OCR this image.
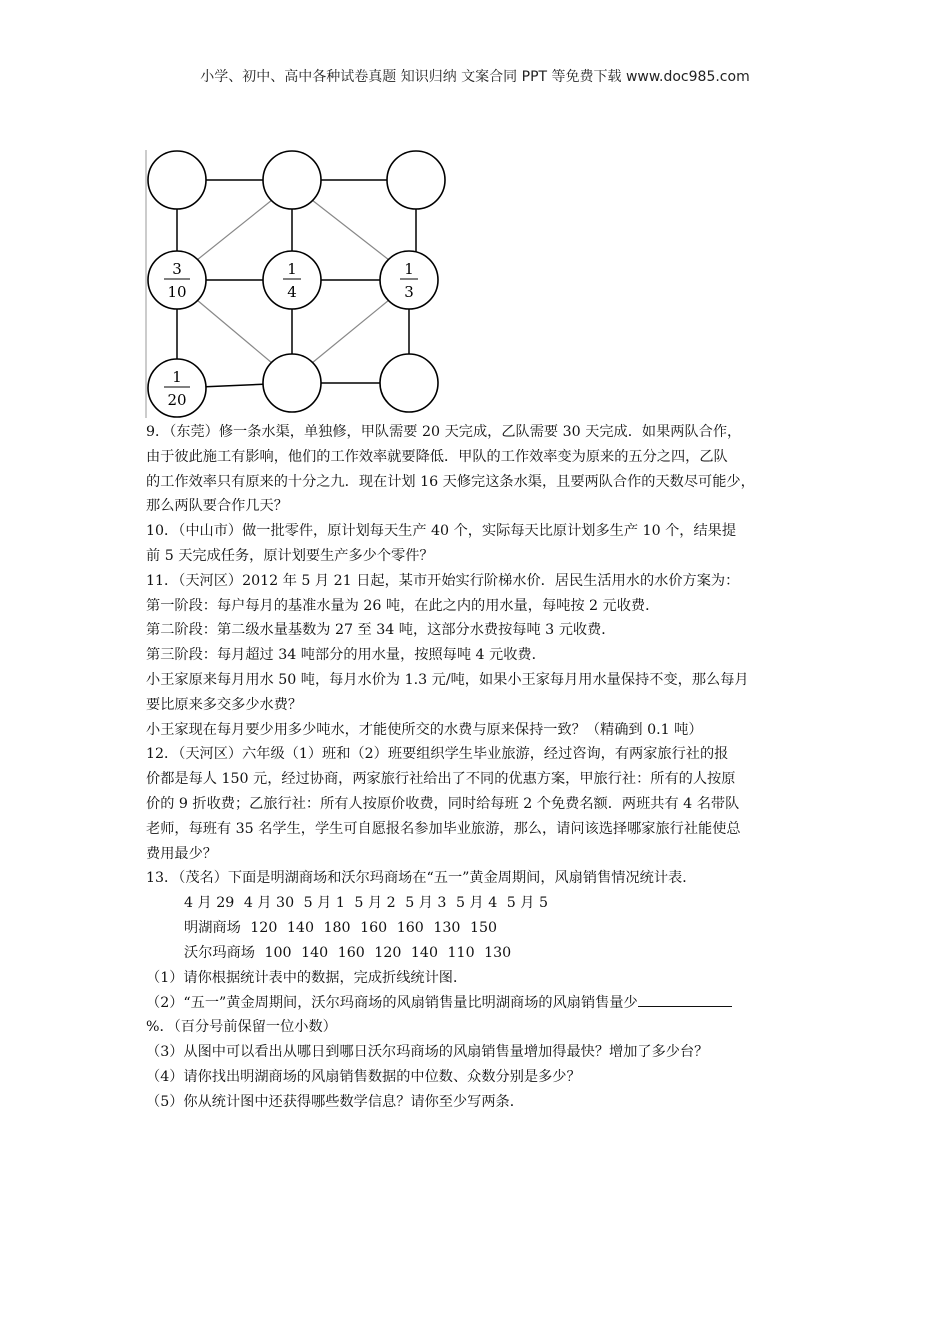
小学、初中、高中各种试卷真题 知识归纳 文案合同 PPT 等免费下载 www.doc985.com
3
10
1
4
1
3
1
20
9．（东莞）修一条水渠，单独修，甲队需要 20 天完成，乙队需要 30 天完成．如果两队合作，
由于彼此施工有影响，他们的工作效率就要降低．甲队的工作效率变为原来的五分之四，乙队
的工作效率只有原来的十分之九．现在计划 16 天修完这条水渠，且要两队合作的天数尽可能少，
那么两队要合作几天？
10．（中山市）做一批零件，原计划每天生产 40 个，实际每天比原计划多生产 10 个，结果提
前 5 天完成任务，原计划要生产多少个零件？
11．（天河区）2012 年 5 月 21 日起，某市开始实行阶梯水价．居民生活用水的水价方案为：
第一阶段：每户每月的基准水量为 26 吨，在此之内的用水量，每吨按 2 元收费．
第二阶段：第二级水量基数为 27 至 34 吨，这部分水费按每吨 3 元收费．
第三阶段：每月超过 34 吨部分的用水量，按照每吨 4 元收费．
小王家原来每月用水 50 吨，每月水价为 1.3 元/吨，如果小王家每月用水量保持不变，那么每月
要比原来多交多少水费？
小王家现在每月要少用多少吨水，才能使所交的水费与原来保持一致？（精确到 0.1 吨）
12．（天河区）六年级（1）班和（2）班要组织学生毕业旅游，经过咨询，有两家旅行社的报
价都是每人 150 元，经过协商，两家旅行社给出了不同的优惠方案，甲旅行社：所有的人按原
价的 9 折收费；乙旅行社：所有人按原价收费，同时给每班 2 个免费名额．两班共有 4 名带队
老师，每班有 35 名学生，学生可自愿报名参加毕业旅游，那么，请问该选择哪家旅行社能使总
费用最少？
13．（茂名）下面是明湖商场和沃尔玛商场在“五一”黄金周期间，风扇销售情况统计表．
4 月 29 4 月 30 5 月 1 5 月 2 5 月 3 5 月 4 5 月 5
明湖商场 120 140 180 160 160 130 150
沃尔玛商场 100 140 160 120 140 110 130
（1）请你根据统计表中的数据，完成折线统计图．
（2）“五一”黄金周期间，沃尔玛商场的风扇销售量比明湖商场的风扇销售量少
%．（百分号前保留一位小数）
（3）从图中可以看出从哪日到哪日沃尔玛商场的风扇销售量增加得最快？增加了多少台？
（4）请你找出明湖商场的风扇销售数据的中位数、众数分别是多少？
（5）你从统计图中还获得哪些数学信息？请你至少写两条．
